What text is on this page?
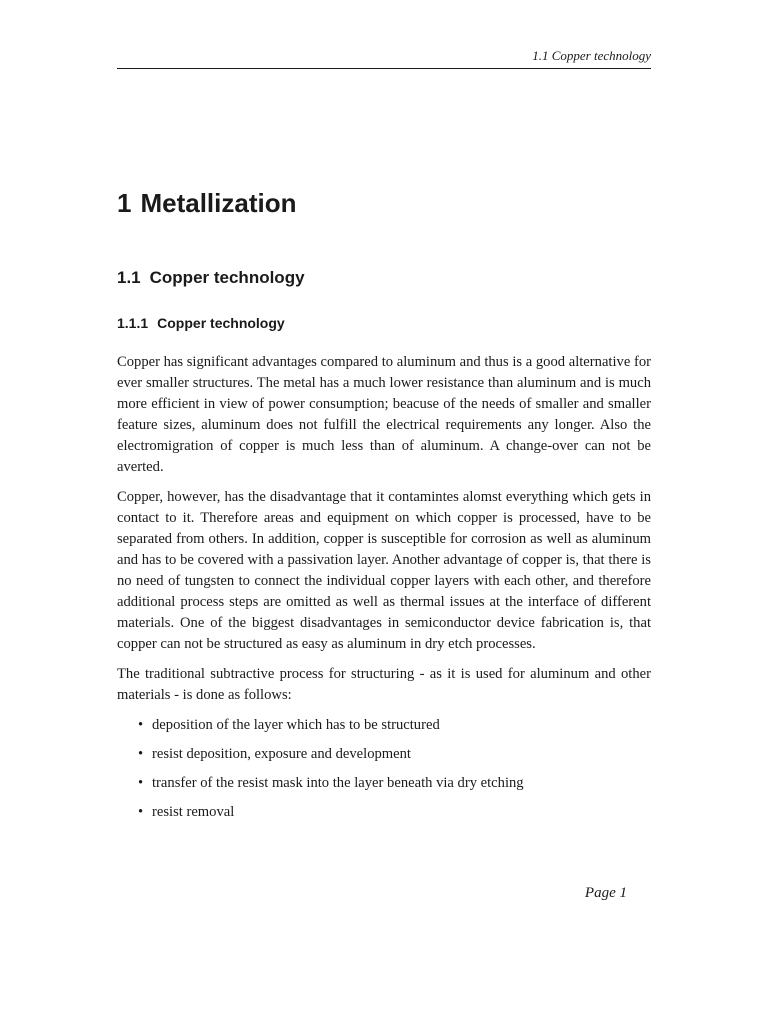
1.1 Copper technology
1 Metallization
1.1 Copper technology
1.1.1 Copper technology

Copper has significant advantages compared to aluminum and thus is a good alternative for ever smaller structures. The metal has a much lower resistance than aluminum and is much more efficient in view of power consumption; beacuse of the needs of smaller and smaller feature sizes, aluminum does not fulfill the electrical requirements any longer. Also the electromigration of copper is much less than of aluminum. A change-over can not be averted.

Copper, however, has the disadvantage that it contamintes alomst everything which gets in contact to it. Therefore areas and equipment on which copper is processed, have to be separated from others. In addition, copper is susceptible for corrosion as well as aluminum and has to be covered with a passivation layer. Another advantage of copper is, that there is no need of tungsten to connect the individual copper layers with each other, and therefore additional process steps are omitted as well as thermal issues at the interface of different materials. One of the biggest disadvantages in semiconductor device fabrication is, that copper can not be structured as easy as aluminum in dry etch processes.

The traditional subtractive process for structuring - as it is used for aluminum and other materials - is done as follows:

• deposition of the layer which has to be structured
• resist deposition, exposure and development
• transfer of the resist mask into the layer beneath via dry etching
• resist removal
Page 1
